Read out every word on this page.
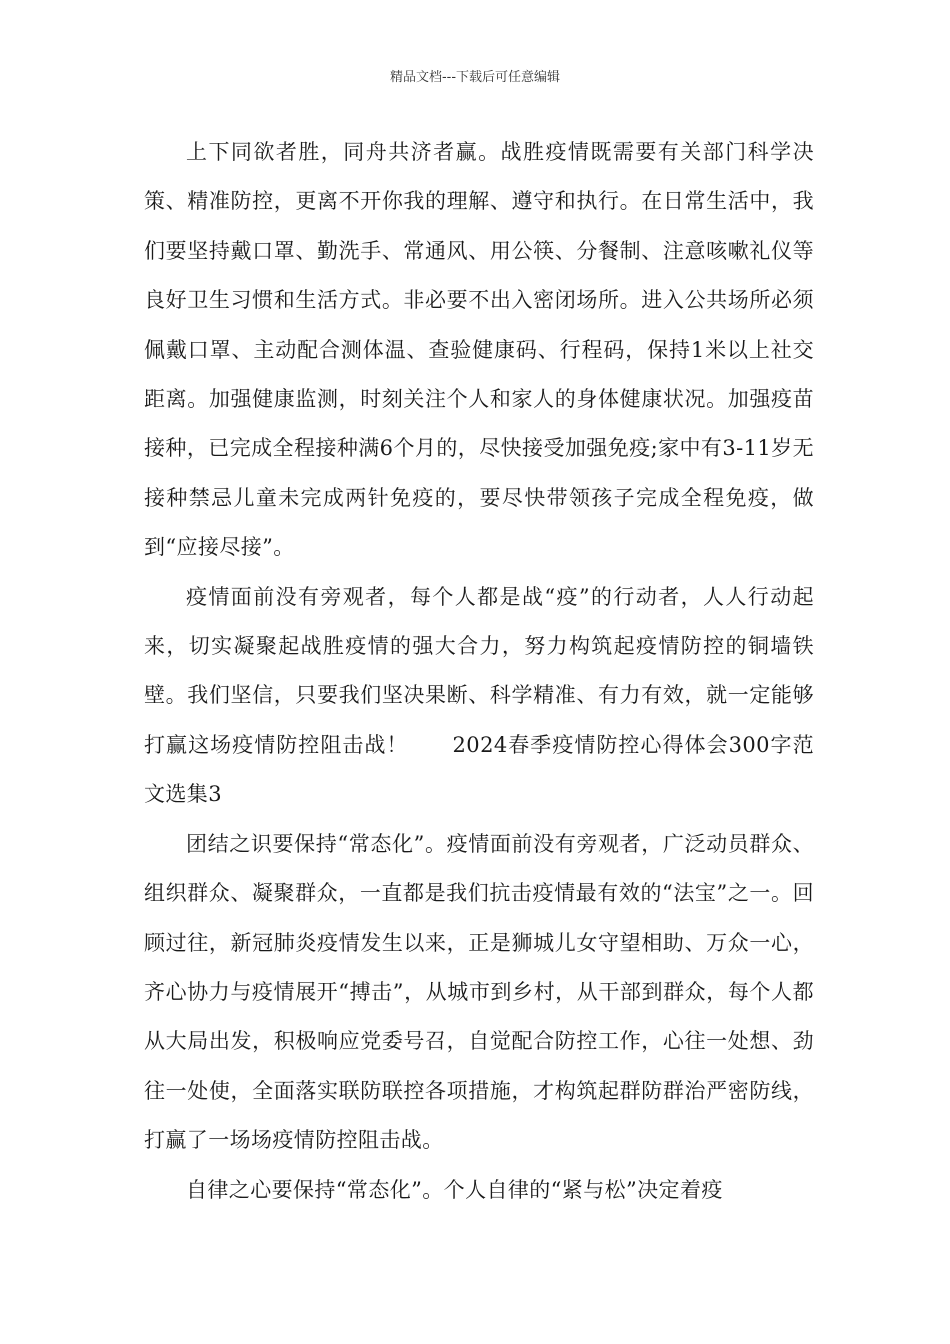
精品文档---下载后可任意编辑

上下同欲者胜，同舟共济者赢。战胜疫情既需要有关部门科学决策、精准防控，更离不开你我的理解、遵守和执行。在日常生活中，我们要坚持戴口罩、勤洗手、常通风、用公筷、分餐制、注意咳嗽礼仪等良好卫生习惯和生活方式。非必要不出入密闭场所。进入公共场所必须佩戴口罩、主动配合测体温、查验健康码、行程码，保持1米以上社交距离。加强健康监测，时刻关注个人和家人的身体健康状况。加强疫苗接种，已完成全程接种满6个月的，尽快接受加强免疫;家中有3-11岁无接种禁忌儿童未完成两针免疫的，要尽快带领孩子完成全程免疫，做到“应接尽接”。

疫情面前没有旁观者，每个人都是战“疫”的行动者，人人行动起来，切实凝聚起战胜疫情的强大合力，努力构筑起疫情防控的铜墙铁壁。我们坚信，只要我们坚决果断、科学精准、有力有效，就一定能够打赢这场疫情防控阻击战！　　2024春季疫情防控心得体会300字范文选集3

团结之识要保持“常态化”。疫情面前没有旁观者，广泛动员群众、组织群众、凝聚群众，一直都是我们抗击疫情最有效的“法宝”之一。回顾过往，新冠肺炎疫情发生以来，正是狮城儿女守望相助、万众一心，齐心协力与疫情展开“搏击”，从城市到乡村，从干部到群众，每个人都从大局出发，积极响应党委号召，自觉配合防控工作，心往一处想、劲往一处使，全面落实联防联控各项措施，才构筑起群防群治严密防线，打赢了一场场疫情防控阻击战。

自律之心要保持“常态化”。个人自律的“紧与松”决定着疫
